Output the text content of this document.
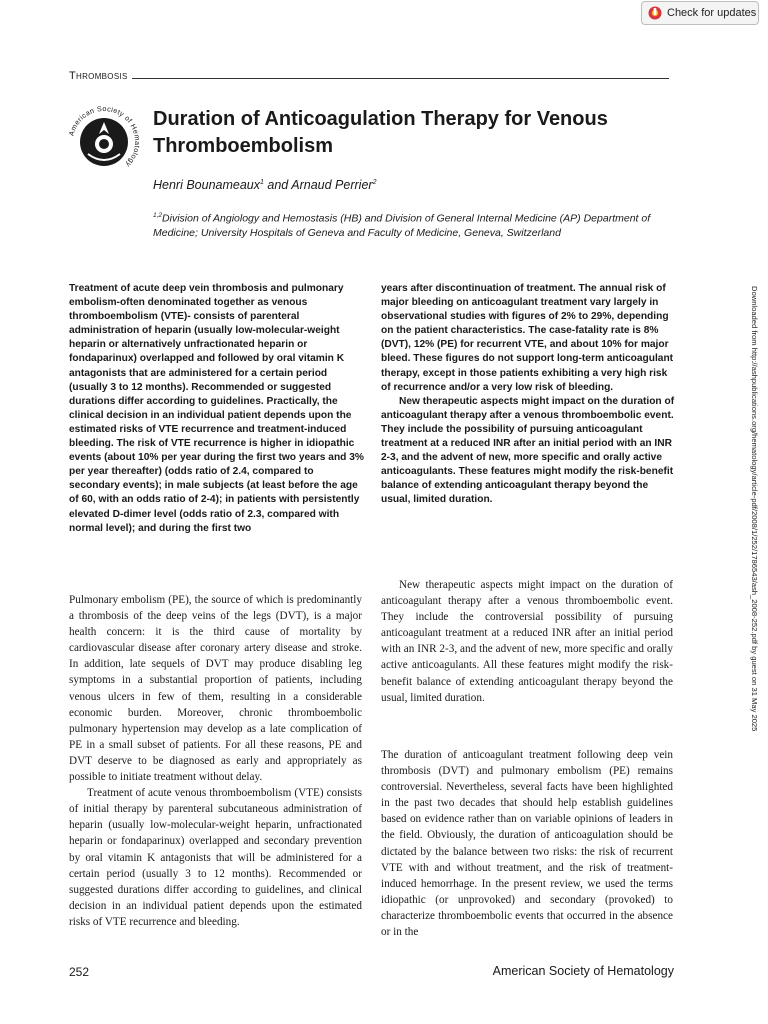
Check for updates
Thrombosis
American Society of Hematology
Duration of Anticoagulation Therapy for Venous Thromboembolism
Henri Bounameaux$^1$ and Arnaud Perrier$^2$
$^{1,2}$Division of Angiology and Hemostasis (HB) and Division of General Internal Medicine (AP) Department of Medicine; University Hospitals of Geneva and Faculty of Medicine, Geneva, Switzerland

Treatment of acute deep vein thrombosis and pulmonary embolism-often denominated together as venous thromboembolism (VTE)- consists of parenteral administration of heparin (usually low-molecular-weight heparin or alternatively unfractionated heparin or fondaparinux) overlapped and followed by oral vitamin K antagonists that are administered for a certain period (usually 3 to 12 months). Recommended or suggested durations differ according to guidelines. Practically, the clinical decision in an individual patient depends upon the estimated risks of VTE recurrence and treatment-induced bleeding. The risk of VTE recurrence is higher in idiopathic events (about 10% per year during the first two years and 3% per year thereafter) (odds ratio of 2.4, compared to secondary events); in male subjects (at least before the age of 60, with an odds ratio of 2-4); in patients with persistently elevated D-dimer level (odds ratio of 2.3, compared with normal level); and during the first two

years after discontinuation of treatment. The annual risk of major bleeding on anticoagulant treatment vary largely in observational studies with figures of 2% to 29%, depending on the patient characteristics. The case-fatality rate is 8% (DVT), 12% (PE) for recurrent VTE, and about 10% for major bleed. These figures do not support long-term anticoagulant therapy, except in those patients exhibiting a very high risk of recurrence and/or a very low risk of bleeding.

New therapeutic aspects might impact on the duration of anticoagulant therapy after a venous thromboembolic event. They include the possibility of pursuing anticoagulant treatment at a reduced INR after an initial period with an INR 2-3, and the advent of new, more specific and orally active anticoagulants. These features might modify the risk-benefit balance of extending anticoagulant therapy beyond the usual, limited duration.

Pulmonary embolism (PE), the source of which is predominantly a thrombosis of the deep veins of the legs (DVT), is a major health concern: it is the third cause of mortality by cardiovascular disease after coronary artery disease and stroke. In addition, late sequels of DVT may produce disabling leg symptoms in a substantial proportion of patients, including venous ulcers in few of them, resulting in a considerable economic burden. Moreover, chronic thromboembolic pulmonary hypertension may develop as a late complication of PE in a small subset of patients. For all these reasons, PE and DVT deserve to be diagnosed as early and appropriately as possible to initiate treatment without delay.

Treatment of acute venous thromboembolism (VTE) consists of initial therapy by parenteral subcutaneous administration of heparin (usually low-molecular-weight heparin, unfractionated heparin or fondaparinux) overlapped and secondary prevention by oral vitamin K antagonists that will be administered for a certain period (usually 3 to 12 months). Recommended or suggested durations differ according to guidelines, and clinical decision in an individual patient depends upon the estimated risks of VTE recurrence and bleeding.

New therapeutic aspects might impact on the duration of anticoagulant therapy after a venous thromboembolic event. They include the controversial possibility of pursuing anticoagulant treatment at a reduced INR after an initial period with an INR 2-3, and the advent of new, more specific and orally active anticoagulants. All these features might modify the risk-benefit balance of extending anticoagulant therapy beyond the usual, limited duration.

The duration of anticoagulant treatment following deep vein thrombosis (DVT) and pulmonary embolism (PE) remains controversial. Nevertheless, several facts have been highlighted in the past two decades that should help establish guidelines based on evidence rather than on variable opinions of leaders in the field. Obviously, the duration of anticoagulation should be dictated by the balance between two risks: the risk of recurrent VTE with and without treatment, and the risk of treatment-induced hemorrhage. In the present review, we used the terms idiopathic (or unprovoked) and secondary (provoked) to characterize thromboembolic events that occurred in the absence or in the

Downloaded from http://ashpublications.org/hematology/article-pdf/2008/1/252/1786543/ash_2008-252.pdf by guest on 31 May 2025
252	American Society of Hematology
